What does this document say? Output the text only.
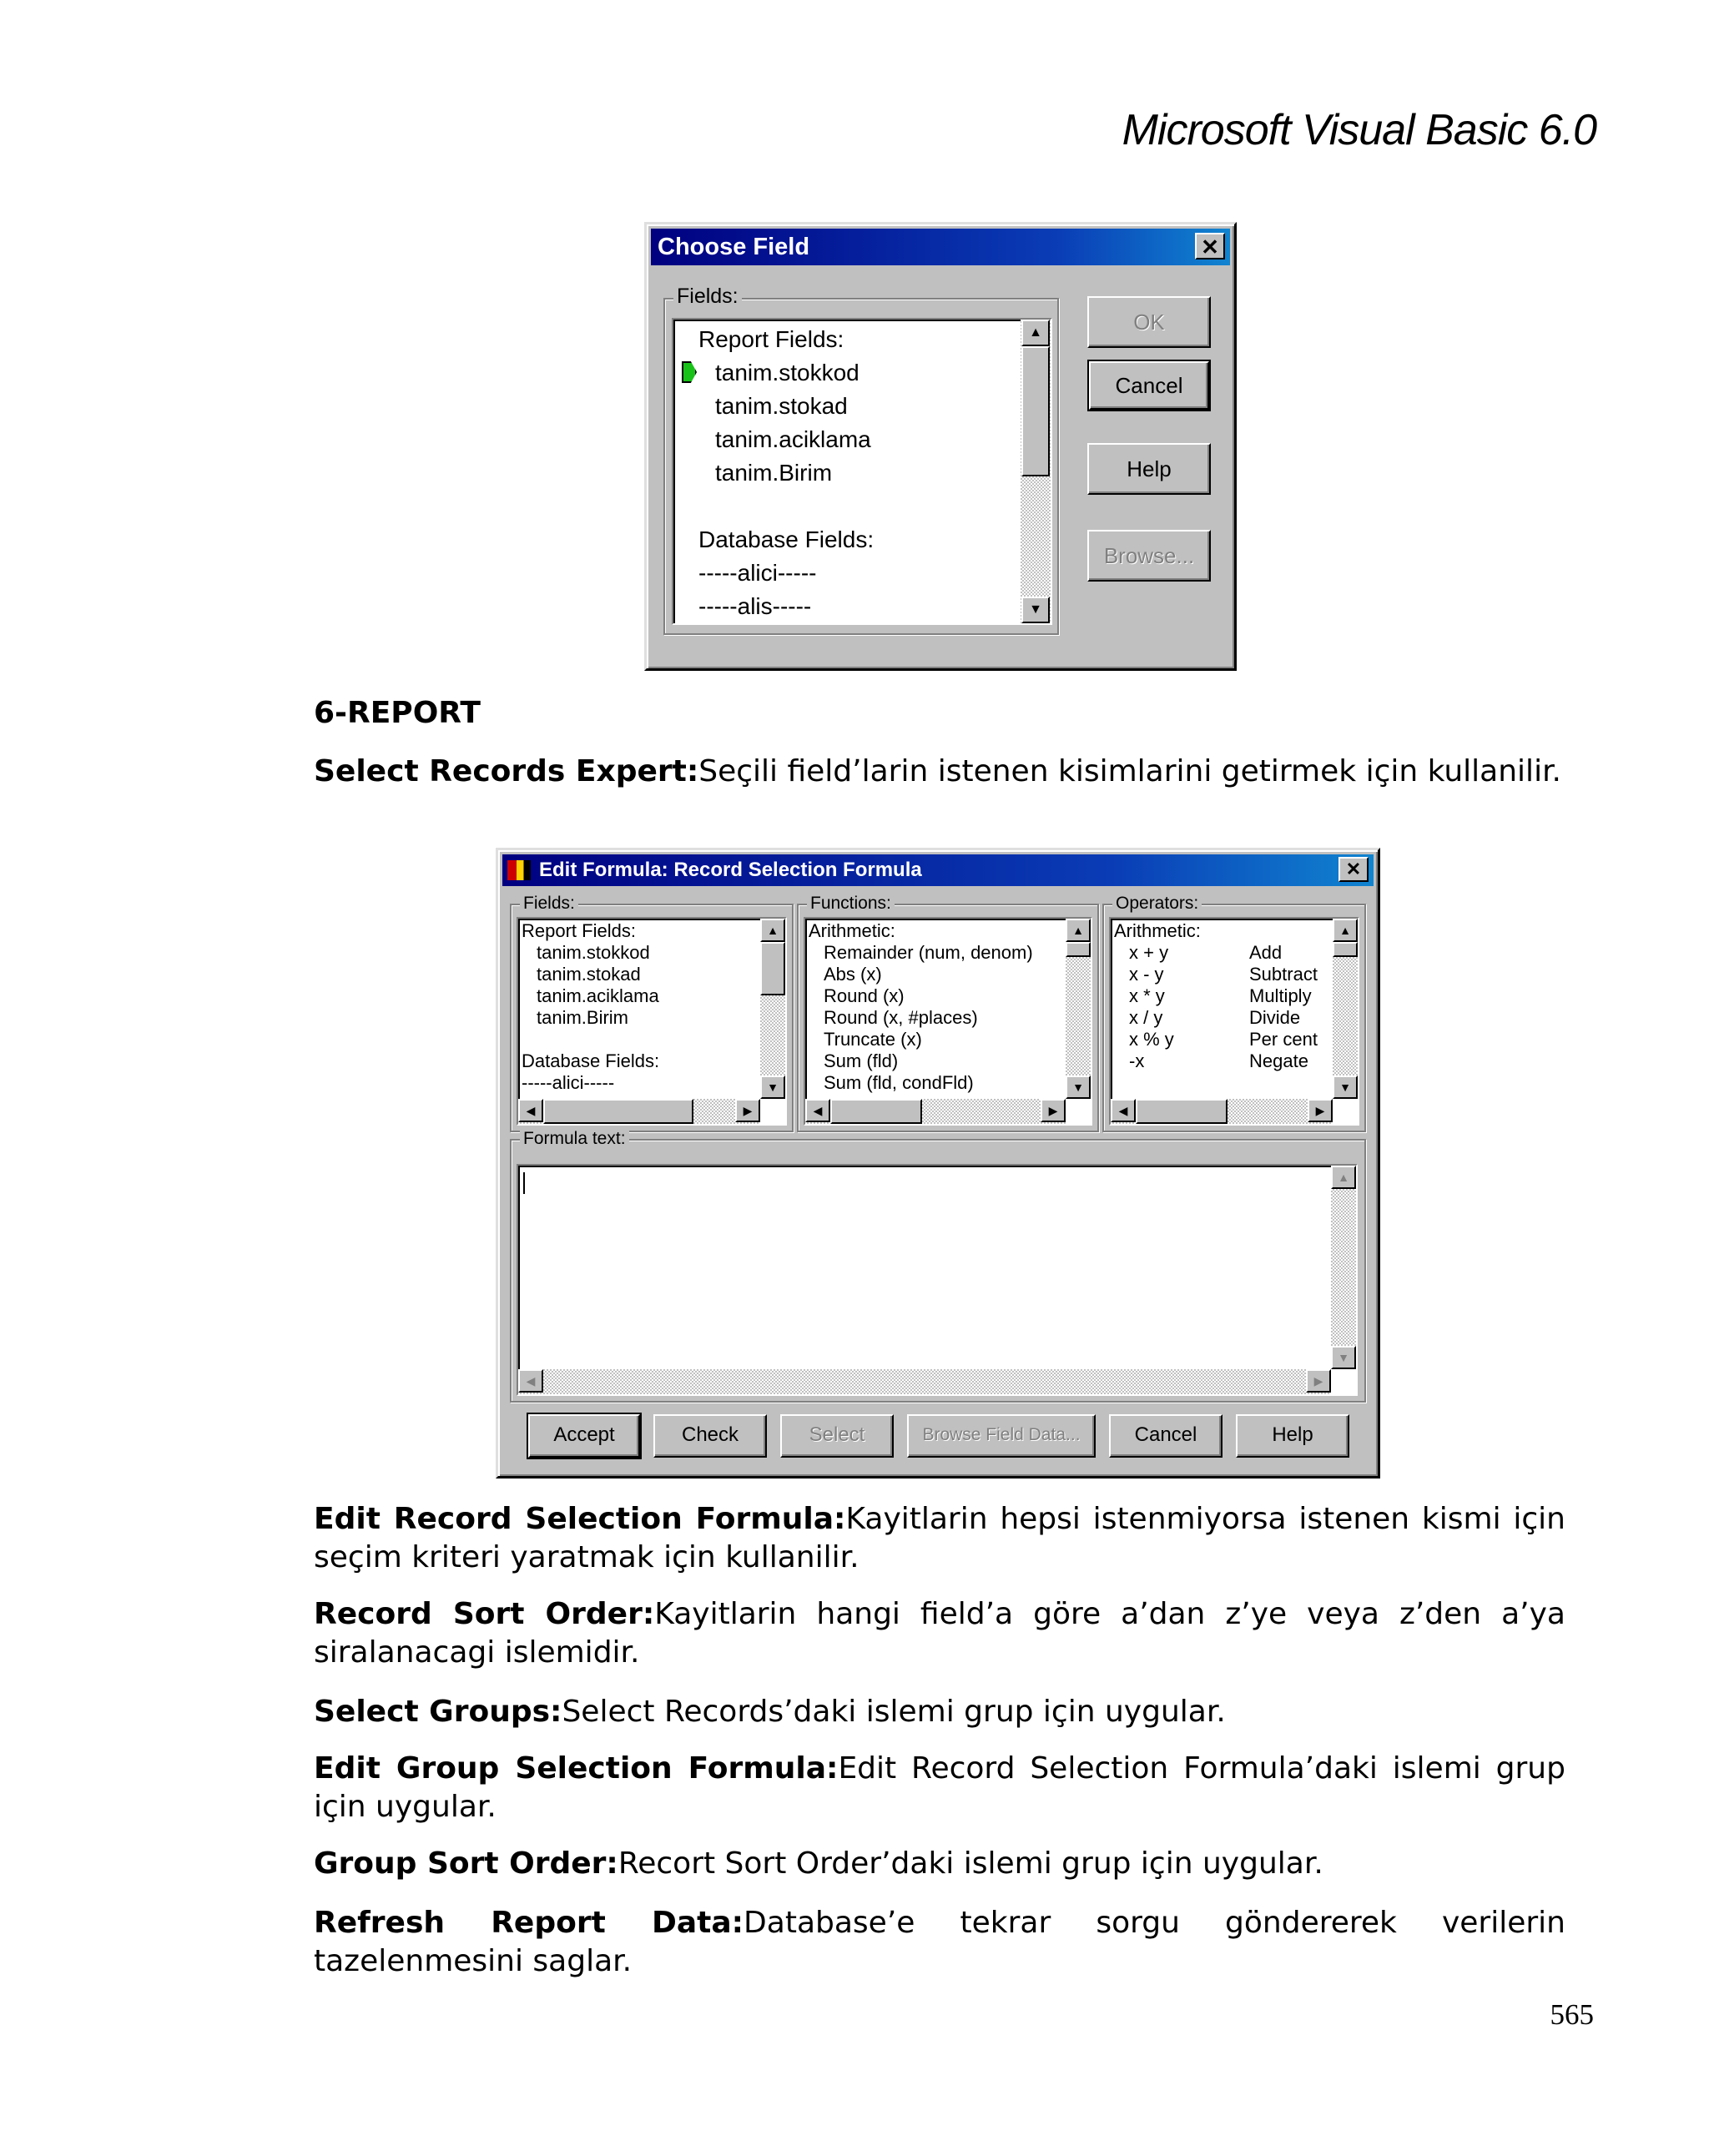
Microsoft Visual Basic 6.0
Choose Field	✕
Fields:
Report Fields:
tanim.stokkod
tanim.stokad
tanim.aciklama
tanim.Birim
Database Fields:
-----alici-----
-----alis-----
▲
▼
OK
Cancel
Help
Browse...
6-REPORT
Select Records Expert:Seçili field’larin istenen kisimlarini getirmek için kullanilir.
Edit Formula: Record Selection Formula	✕
Fields:
Report Fields:
tanim.stokkod
tanim.stokad
tanim.aciklama
tanim.Birim
Database Fields:
-----alici-----
▲
▼
◀	▶
Functions:
Arithmetic:
Remainder (num, denom)
Abs (x)
Round (x)
Round (x, #places)
Truncate (x)
Sum (fld)
Sum (fld, condFld)
▲
▼
◀	▶
Operators:
Arithmetic:
x + y	Add
x - y	Subtract
x * y	Multiply
x / y	Divide
x % y	Per cent
-x	Negate
▲
▼
◀	▶
Formula text:
▲
▼
◀	▶
Accept	Check	Select	Browse Field Data...	Cancel	Help
Edit Record Selection Formula:Kayitlarin hepsi istenmiyorsa istenen kismi için seçim kriteri yaratmak için kullanilir.
Record Sort Order:Kayitlarin hangi field’a göre a’dan z’ye veya z’den a’ya siralanacagi islemidir.
Select Groups:Select Records’daki islemi grup için uygular.
Edit Group Selection Formula:Edit Record Selection Formula’daki islemi grup için uygular.
Group Sort Order:Recort Sort Order’daki islemi grup için uygular.
Refresh Report Data:Database’e tekrar sorgu göndererek verilerin tazelenmesini saglar.
565
